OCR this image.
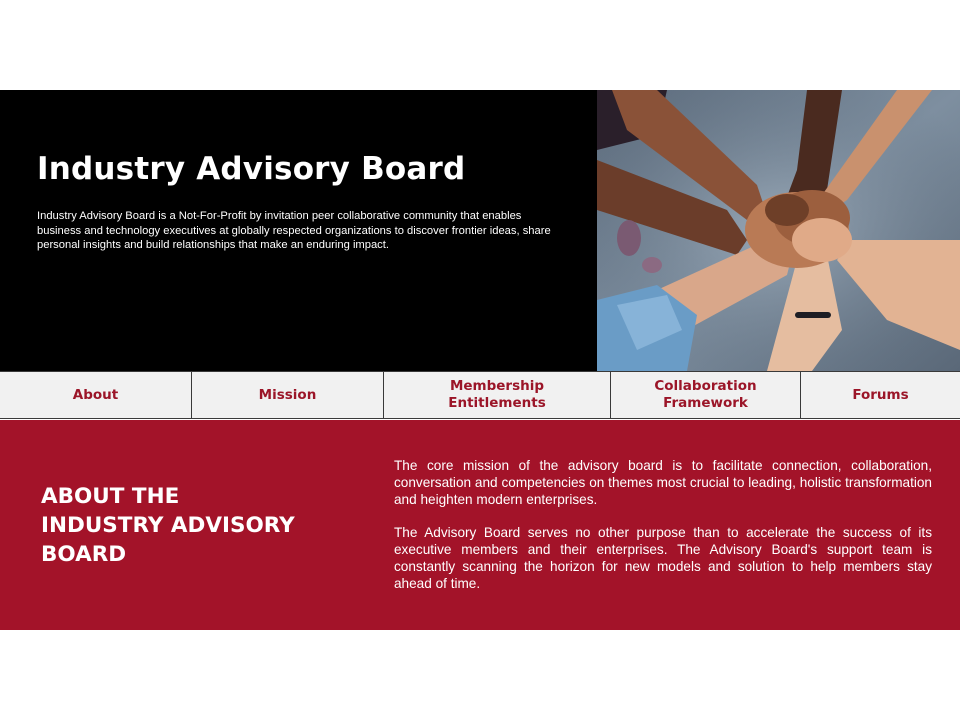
Industry Advisory Board
Industry Advisory Board is a Not-For-Profit by invitation peer collaborative community that enables business and technology executives at globally respected organizations to discover frontier ideas, share personal insights and build relationships that make an enduring impact.
About	Mission
Membership
Entitlements
Collaboration
Framework
Forums
ABOUT THE
INDUSTRY ADVISORY
BOARD

The core mission of the advisory board is to facilitate connection, collaboration, conversation and competencies on themes most crucial to leading, holistic transformation and heighten modern enterprises.

The Advisory Board serves no other purpose than to accelerate the success of its executive members and their enterprises. The Advisory Board's support team is constantly scanning the horizon for new models and solution to help members stay ahead of time.
